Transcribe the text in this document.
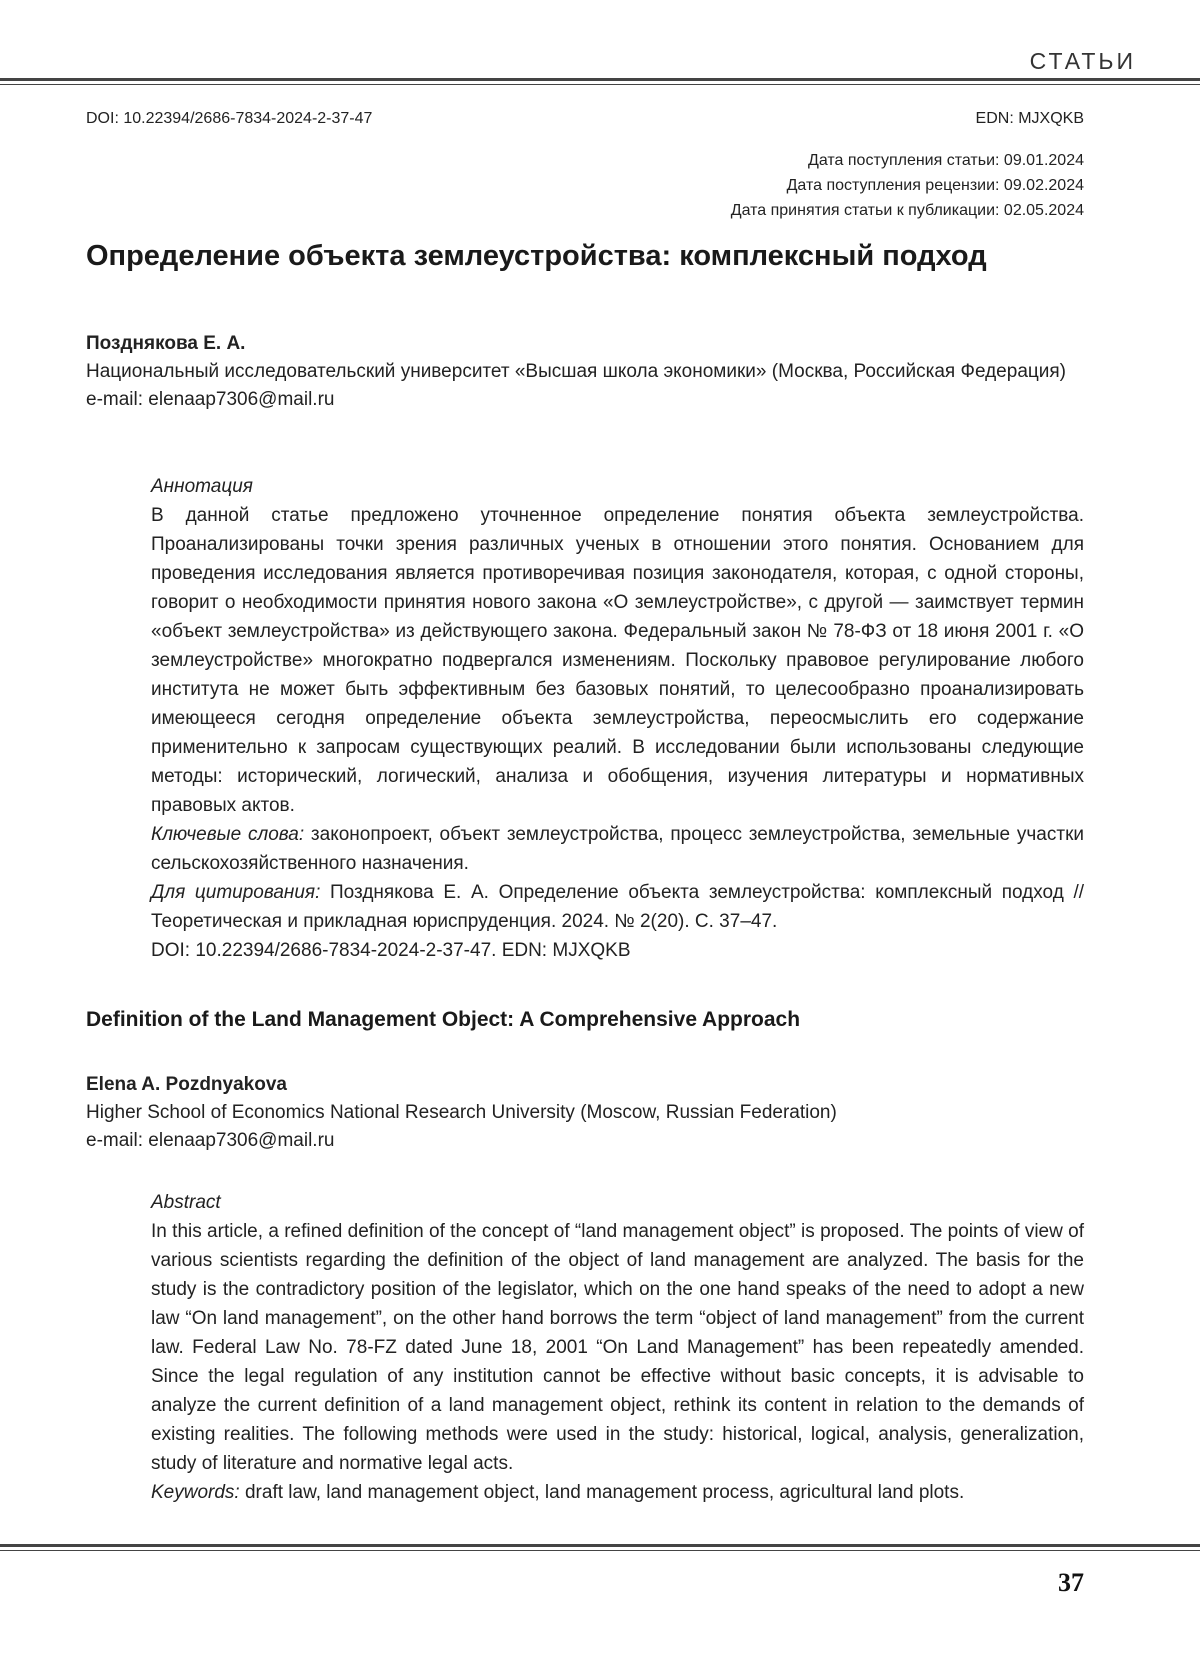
СТАТЬИ
DOI: 10.22394/2686-7834-2024-2-37-47	EDN: MJXQKB
Дата поступления статьи: 09.01.2024
Дата поступления рецензии: 09.02.2024
Дата принятия статьи к публикации: 02.05.2024
Определение объекта землеустройства: комплексный подход
Позднякова Е. А.
Национальный исследовательский университет «Высшая школа экономики» (Москва, Российская Федерация)
e-mail: elenaap7306@mail.ru
Аннотация

В данной статье предложено уточненное определение понятия объекта землеустройства. Проанализированы точки зрения различных ученых в отношении этого понятия. Основанием для проведения исследования является противоречивая позиция законодателя, которая, с одной стороны, говорит о необходимости принятия нового закона «О землеустройстве», с другой — заимствует термин «объект землеустройства» из действующего закона. Федеральный закон № 78-ФЗ от 18 июня 2001 г. «О землеустройстве» многократно подвергался изменениям. Поскольку правовое регулирование любого института не может быть эффективным без базовых понятий, то целесообразно проанализировать имеющееся сегодня определение объекта землеустройства, переосмыслить его содержание применительно к запросам существующих реалий. В исследовании были использованы следующие методы: исторический, логический, анализа и обобщения, изучения литературы и нормативных правовых актов.

Ключевые слова: законопроект, объект землеустройства, процесс землеустройства, земельные участки сельскохозяйственного назначения.

Для цитирования: Позднякова Е. А. Определение объекта землеустройства: комплексный подход // Теоретическая и прикладная юриспруденция. 2024. № 2(20). С. 37–47.

DOI: 10.22394/2686-7834-2024-2-37-47. EDN: MJXQKB
Definition of the Land Management Object: A Comprehensive Approach
Elena A. Pozdnyakova
Higher School of Economics National Research University (Moscow, Russian Federation)
e-mail: elenaap7306@mail.ru
Abstract

In this article, a refined definition of the concept of “land management object” is proposed. The points of view of various scientists regarding the definition of the object of land management are analyzed. The basis for the study is the contradictory position of the legislator, which on the one hand speaks of the need to adopt a new law “On land management”, on the other hand borrows the term “object of land management” from the current law. Federal Law No. 78-FZ dated June 18, 2001 “On Land Management” has been repeatedly amended. Since the legal regulation of any institution cannot be effective without basic concepts, it is advisable to analyze the current definition of a land management object, rethink its content in relation to the demands of existing realities. The following methods were used in the study: historical, logical, analysis, generalization, study of literature and normative legal acts.

Keywords: draft law, land management object, land management process, agricultural land plots.

37
